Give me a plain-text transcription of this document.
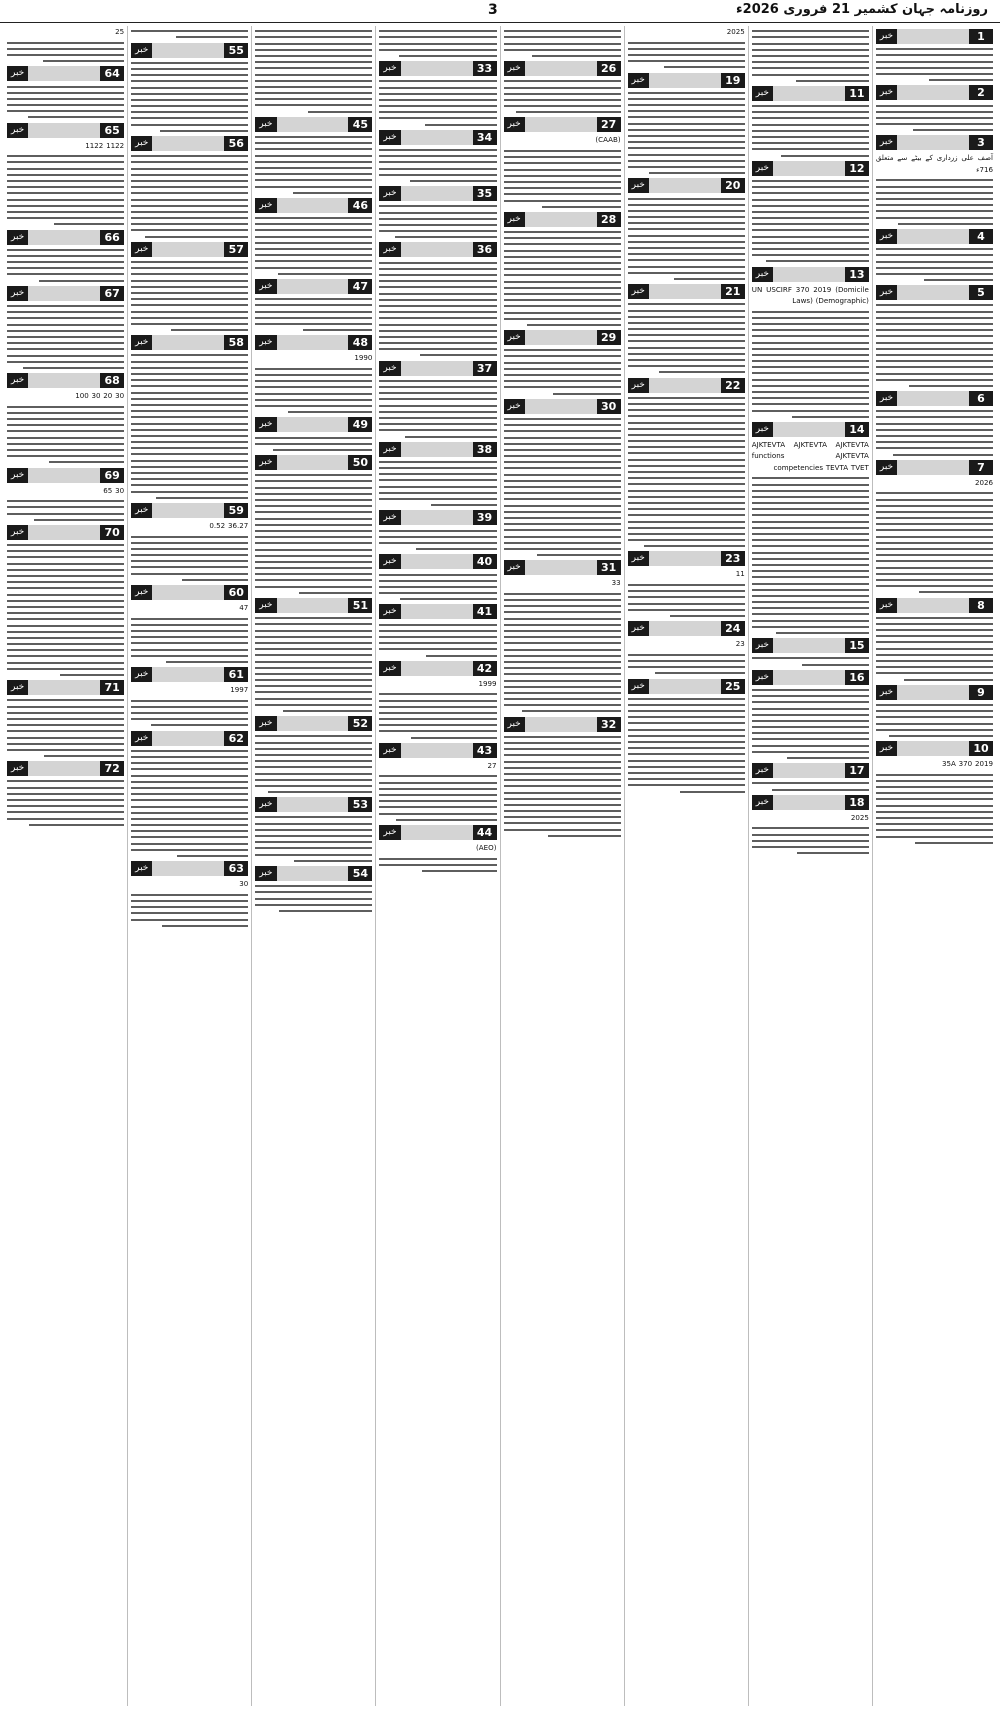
روزنامہ جہان کشمیر 21 فروری 2026ء
3
1
خبر
2
خبر
3
خبر
آصف علی زرداری کے بیٹے سے متعلق 716ء
4
خبر
5
خبر
6
خبر
7
خبر
2026
8
خبر
9
خبر
10
خبر
2019 370 35A
11
خبر
12
خبر
13
خبر
UN USCIRF 370 2019 (Domicile Laws) (Demographic)
14
خبر
AJKTEVTA AJKTEVTA AJKTEVTA functions AJKTEVTA competencies TEVTA TVET
15
خبر
16
خبر
17
خبر
18
خبر
2025
2025
19
خبر
20
خبر
21
خبر
22
خبر
23
خبر
11
24
خبر
23
25
خبر
26
خبر
27
خبر
(CAAB)
28
خبر
29
خبر
30
خبر
31
خبر
33
32
خبر
33
خبر
34
خبر
35
خبر
36
خبر
37
خبر
38
خبر
39
خبر
40
خبر
41
خبر
42
خبر
1999
43
خبر
27
44
خبر
(AEO)
45
خبر
46
خبر
47
خبر
48
خبر
1990
49
خبر
50
خبر
51
خبر
52
خبر
53
خبر
54
خبر
55
خبر
56
خبر
57
خبر
58
خبر
59
خبر
36.27 0.52
60
خبر
47
61
خبر
1997
62
خبر
63
خبر
30
25
64
خبر
65
خبر
1122 1122
66
خبر
67
خبر
68
خبر
30 20 30 100
69
خبر
30 65
70
خبر
71
خبر
72
خبر
